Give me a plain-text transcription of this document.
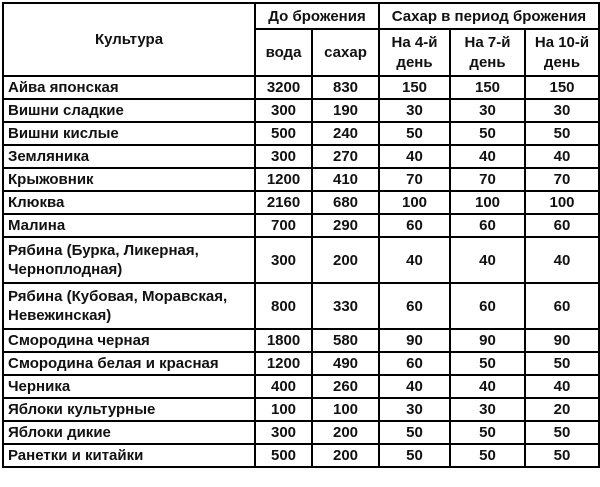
Культура	До брожения		Сахар в период брожения		
	вода	сахар	На 4-й день	На 7-й день	На 10-й день
Айва японская	3200	830	150	150	150
Вишни сладкие	300	190	30	30	30
Вишни кислые	500	240	50	50	50
Земляника	300	270	40	40	40
Крыжовник	1200	410	70	70	70
Клюква	2160	680	100	100	100
Малина	700	290	60	60	60
Рябина (Бурка, Ликерная, Черноплодная)	300	200	40	40	40
Рябина (Кубовая, Моравская, Невежинская)	800	330	60	60	60
Смородина черная	1800	580	90	90	90
Смородина белая и красная	1200	490	60	50	50
Черника	400	260	40	40	40
Яблоки культурные	100	100	30	30	20
Яблоки дикие	300	200	50	50	50
Ранетки и китайки	500	200	50	50	50
